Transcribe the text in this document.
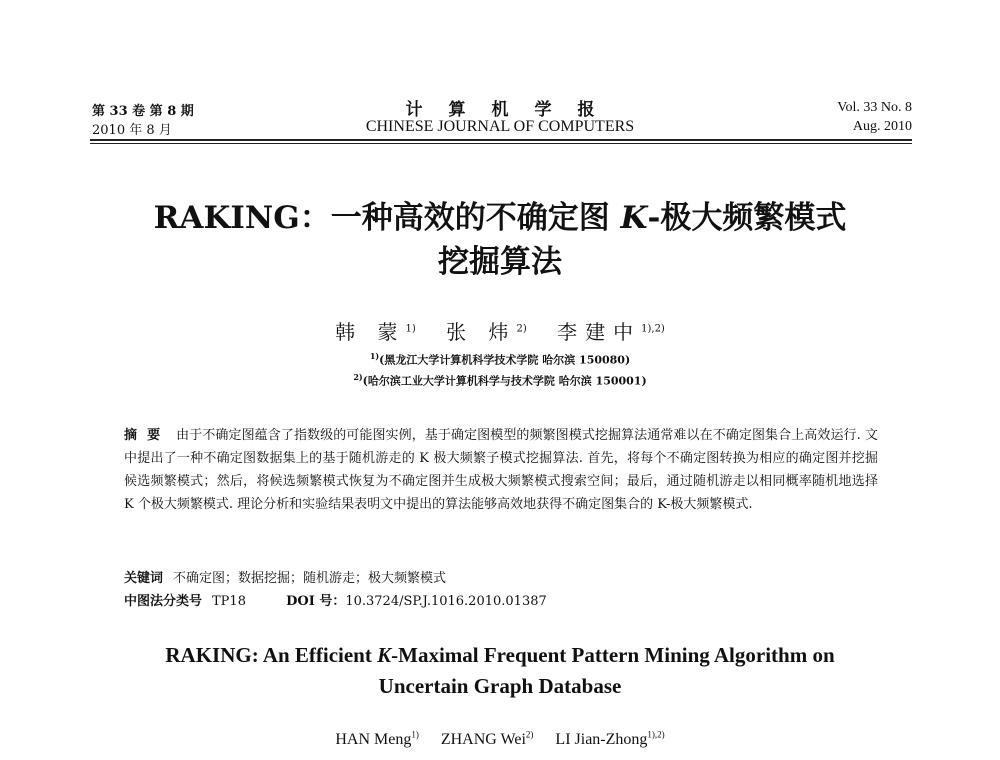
第 33 卷 第 8 期
2010 年 8 月
计算机学报
CHINESE JOURNAL OF COMPUTERS
Vol. 33 No. 8
Aug. 2010
RAKING：一种高效的不确定图 K-极大频繁模式
挖掘算法
韩 蒙$^{1)}$ 张 炜$^{2)}$ 李建中$^{1),2)}$
$^{1)}$(黑龙江大学计算机科学技术学院 哈尔滨 150080)
$^{2)}$(哈尔滨工业大学计算机科学与技术学院 哈尔滨 150001)
摘要 由于不确定图蕴含了指数级的可能图实例，基于确定图模型的频繁图模式挖掘算法通常难以在不确定图集合上高效运行. 文中提出了一种不确定图数据集上的基于随机游走的 K 极大频繁子模式挖掘算法. 首先，将每个不确定图转换为相应的确定图并挖掘候选频繁模式；然后，将候选频繁模式恢复为不确定图并生成极大频繁模式搜索空间；最后，通过随机游走以相同概率随机地选择 K 个极大频繁模式. 理论分析和实验结果表明文中提出的算法能够高效地获得不确定图集合的 K-极大频繁模式.
关键词 不确定图；数据挖掘；随机游走；极大频繁模式
中图法分类号 TP18	DOI 号：10.3724/SP.J.1016.2010.01387
RAKING: An Efficient K-Maximal Frequent Pattern Mining Algorithm on
Uncertain Graph Database
HAN Meng$^{1)}$ ZHANG Wei$^{2)}$ LI Jian-Zhong$^{1),2)}$
